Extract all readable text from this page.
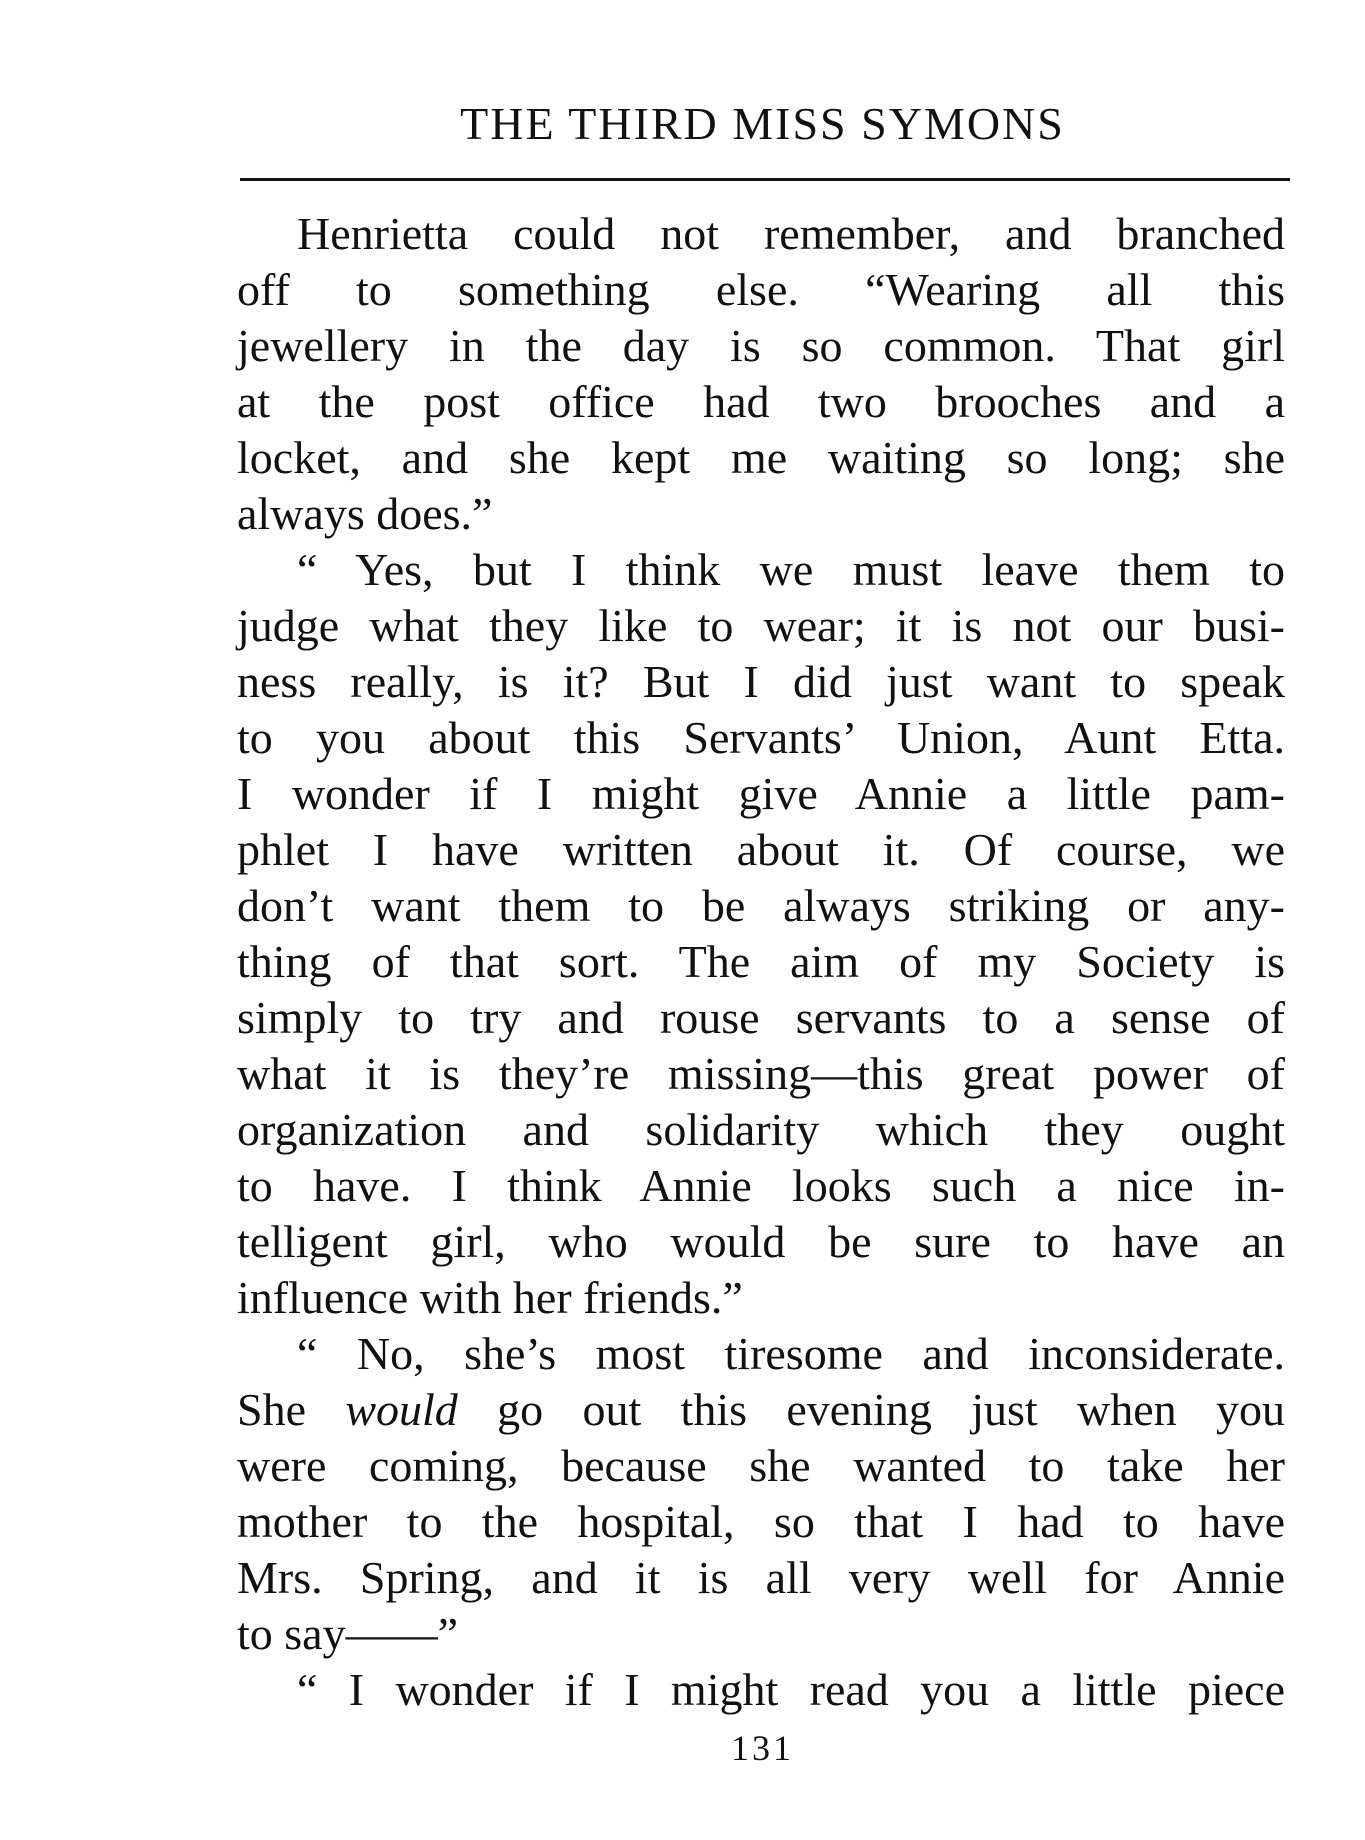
THE THIRD MISS SYMONS
Henrietta could not remember, and branched
off to something else. “Wearing all this
jewellery in the day is so common. That girl
at the post office had two brooches and a
locket, and she kept me waiting so long; she
always does.”
“ Yes, but I think we must leave them to
judge what they like to wear; it is not our busi-
ness really, is it? But I did just want to speak
to you about this Servants’ Union, Aunt Etta.
I wonder if I might give Annie a little pam-
phlet I have written about it. Of course, we
don’t want them to be always striking or any-
thing of that sort. The aim of my Society is
simply to try and rouse servants to a sense of
what it is they’re missing—this great power of
organization and solidarity which they ought
to have. I think Annie looks such a nice in-
telligent girl, who would be sure to have an
influence with her friends.”
“ No, she’s most tiresome and inconsiderate.
She would go out this evening just when you
were coming, because she wanted to take her
mother to the hospital, so that I had to have
Mrs. Spring, and it is all very well for Annie
to say——”
“ I wonder if I might read you a little piece
131
